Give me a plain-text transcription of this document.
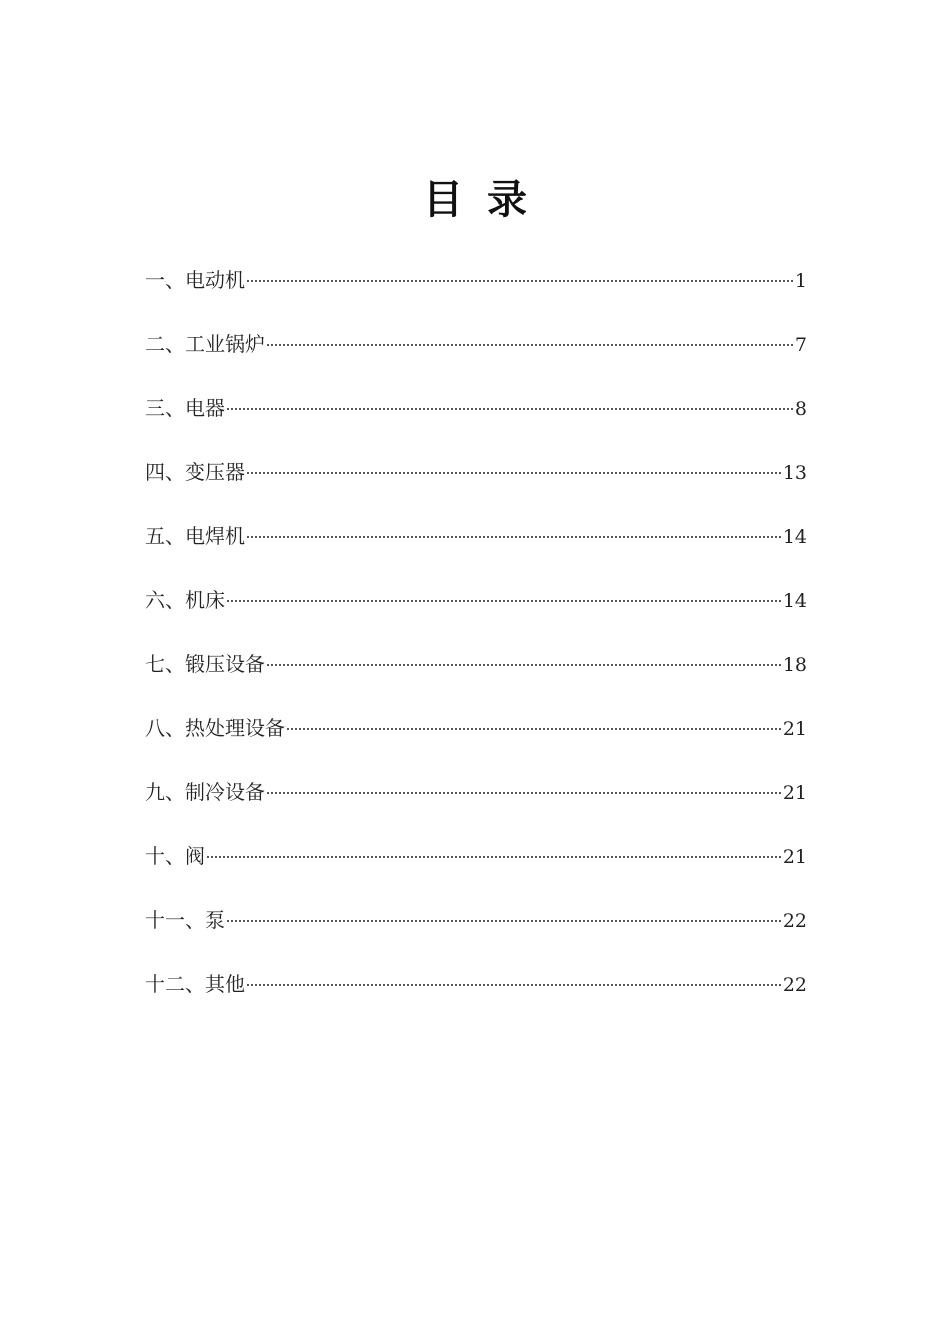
目录
一、电动机	1
二、工业锅炉	7
三、电器	8
四、变压器	13
五、电焊机	14
六、机床	14
七、锻压设备	18
八、热处理设备	21
九、制冷设备	21
十、阀	21
十一、泵	22
十二、其他	22
